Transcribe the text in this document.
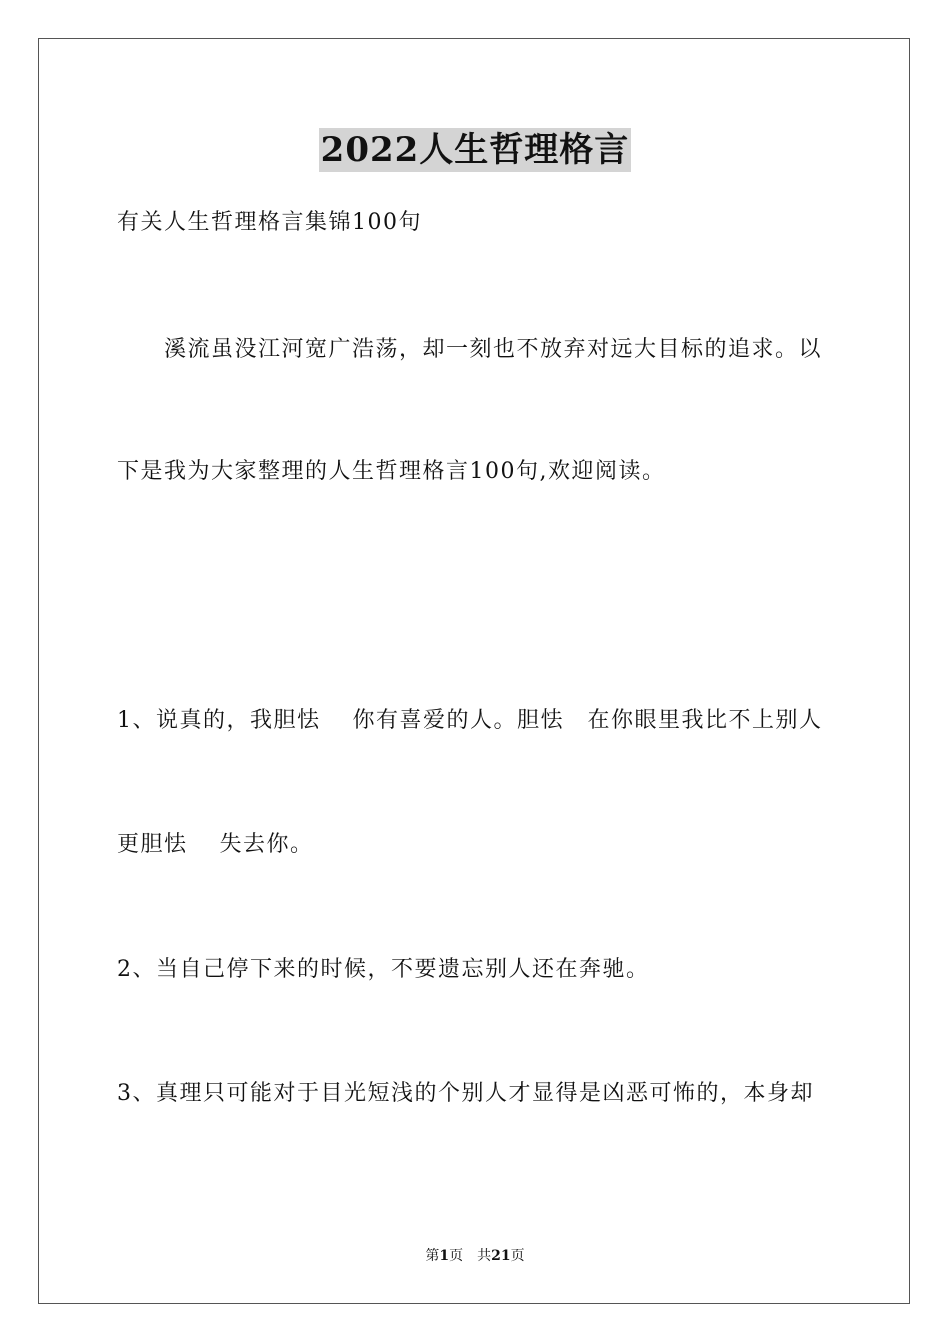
2022人生哲理格言
有关人生哲理格言集锦100句
　　溪流虽没江河宽广浩荡，却一刻也不放弃对远大目标的追求。以
下是我为大家整理的人生哲理格言100句,欢迎阅读。
1、说真的，我胆怯　 你有喜爱的人。胆怯　在你眼里我比不上别人
更胆怯　 失去你。
2、当自己停下来的时候，不要遗忘别人还在奔驰。
3、真理只可能对于目光短浅的个别人才显得是凶恶可怖的，本身却
第1页　共21页
